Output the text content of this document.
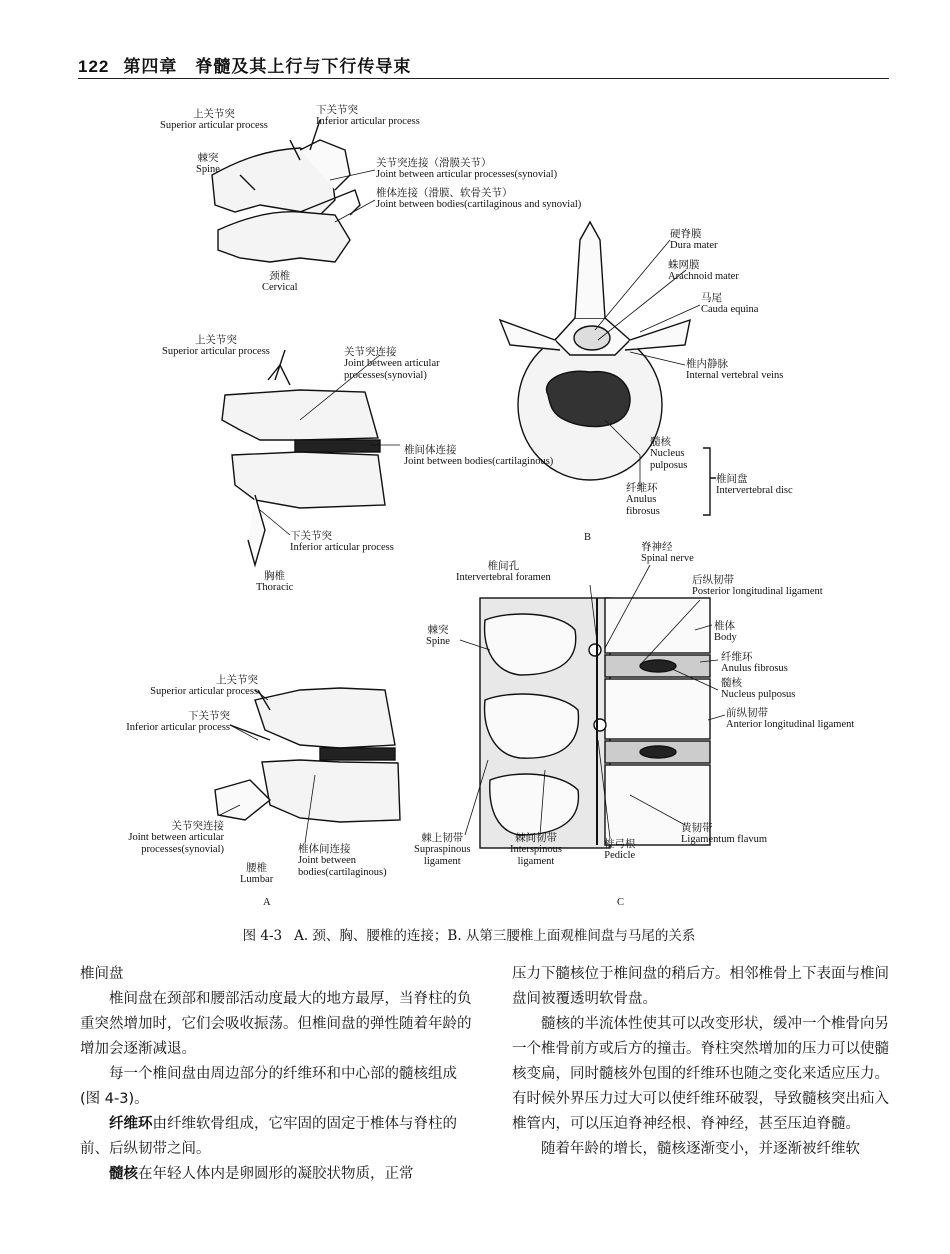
122 第四章　脊髓及其上行与下行传导束
上关节突
Superior articular process
下关节突
Inferior articular process
棘突
Spine
关节突连接（滑膜关节）
Joint between articular processes(synovial)
椎体连接（滑膜、软骨关节）
Joint between bodies(cartilaginous and synovial)
颈椎
Cervical
上关节突
Superior articular process	关节突连接
Joint between articular
processes(synovial)
椎间体连接
Joint between bodies(cartilaginous)
下关节突
Inferior articular process
胸椎
Thoracic
上关节突
Superior articular process
下关节突
Inferior articular process
关节突连接
Joint between articular
processes(synovial)	椎体间连接
Joint between
bodies(cartilaginous)
腰椎
Lumbar
A
硬脊膜
Dura mater
蛛网膜
Arachnoid mater
马尾
Cauda equina
椎内静脉
Internal vertebral veins
髓核
Nucleus
pulposus
纤维环
Anulus
fibrosus
椎间盘
Intervertebral disc
B
脊神经
Spinal nerve
椎间孔
Intervertebral foramen	后纵韧带
Posterior longitudinal ligament
棘突
Spine
椎体
Body
纤维环
Anulus fibrosus
髓核
Nucleus pulposus
前纵韧带
Anterior longitudinal ligament
黄韧带
Ligamentum flavum
棘上韧带
Supraspinous
ligament
棘间韧带
Interspinous
ligament
椎弓根
Pedicle
C
图 4-3 A. 颈、胸、腰椎的连接；B. 从第三腰椎上面观椎间盘与马尾的关系

椎间盘

椎间盘在颈部和腰部活动度最大的地方最厚，当脊柱的负重突然增加时，它们会吸收振荡。但椎间盘的弹性随着年龄的增加会逐渐减退。

每一个椎间盘由周边部分的纤维环和中心部的髓核组成(图 4-3)。

纤维环由纤维软骨组成，它牢固的固定于椎体与脊柱的前、后纵韧带之间。

髓核在年轻人体内是卵圆形的凝胶状物质，正常

压力下髓核位于椎间盘的稍后方。相邻椎骨上下表面与椎间盘间被覆透明软骨盘。

髓核的半流体性使其可以改变形状，缓冲一个椎骨向另一个椎骨前方或后方的撞击。脊柱突然增加的压力可以使髓核变扁，同时髓核外包围的纤维环也随之变化来适应压力。有时候外界压力过大可以使纤维环破裂，导致髓核突出疝入椎管内，可以压迫脊神经根、脊神经，甚至压迫脊髓。

随着年龄的增长，髓核逐渐变小，并逐渐被纤维软
